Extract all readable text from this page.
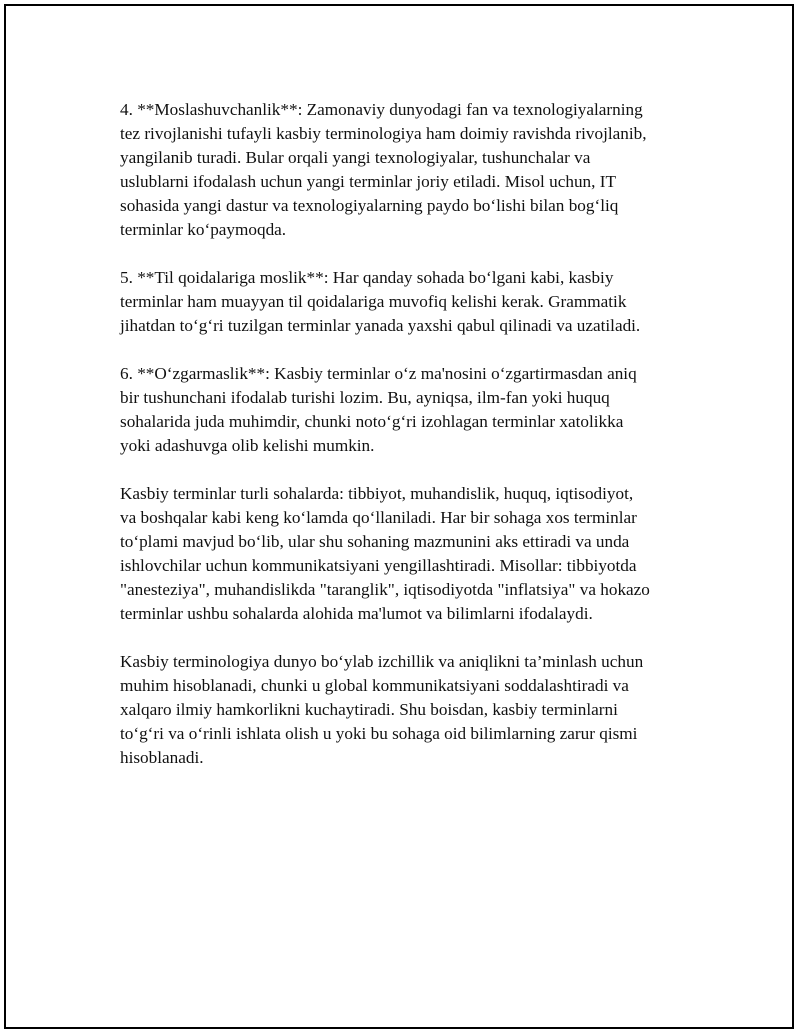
4. **Moslashuvchanlik**: Zamonaviy dunyodagi fan va texnologiyalarning
tez rivojlanishi tufayli kasbiy terminologiya ham doimiy ravishda rivojlanib,
yangilanib turadi. Bular orqali yangi texnologiyalar, tushunchalar va
uslublarni ifodalash uchun yangi terminlar joriy etiladi. Misol uchun, IT
sohasida yangi dastur va texnologiyalarning paydo bo‘lishi bilan bog‘liq
terminlar ko‘paymoqda.

5. **Til qoidalariga moslik**: Har qanday sohada bo‘lgani kabi, kasbiy
terminlar ham muayyan til qoidalariga muvofiq kelishi kerak. Grammatik
jihatdan to‘g‘ri tuzilgan terminlar yanada yaxshi qabul qilinadi va uzatiladi.

6. **O‘zgarmaslik**: Kasbiy terminlar o‘z ma'nosini o‘zgartirmasdan aniq
bir tushunchani ifodalab turishi lozim. Bu, ayniqsa, ilm-fan yoki huquq
sohalarida juda muhimdir, chunki noto‘g‘ri izohlagan terminlar xatolikka
yoki adashuvga olib kelishi mumkin.

Kasbiy terminlar turli sohalarda: tibbiyot, muhandislik, huquq, iqtisodiyot,
va boshqalar kabi keng ko‘lamda qo‘llaniladi. Har bir sohaga xos terminlar
to‘plami mavjud bo‘lib, ular shu sohaning mazmunini aks ettiradi va unda
ishlovchilar uchun kommunikatsiyani yengillashtiradi. Misollar: tibbiyotda
"anesteziya", muhandislikda "taranglik", iqtisodiyotda "inflatsiya" va hokazo
terminlar ushbu sohalarda alohida ma'lumot va bilimlarni ifodalaydi.

Kasbiy terminologiya dunyo bo‘ylab izchillik va aniqlikni ta’minlash uchun
muhim hisoblanadi, chunki u global kommunikatsiyani soddalashtiradi va
xalqaro ilmiy hamkorlikni kuchaytiradi. Shu boisdan, kasbiy terminlarni
to‘g‘ri va o‘rinli ishlata olish u yoki bu sohaga oid bilimlarning zarur qismi
hisoblanadi.
